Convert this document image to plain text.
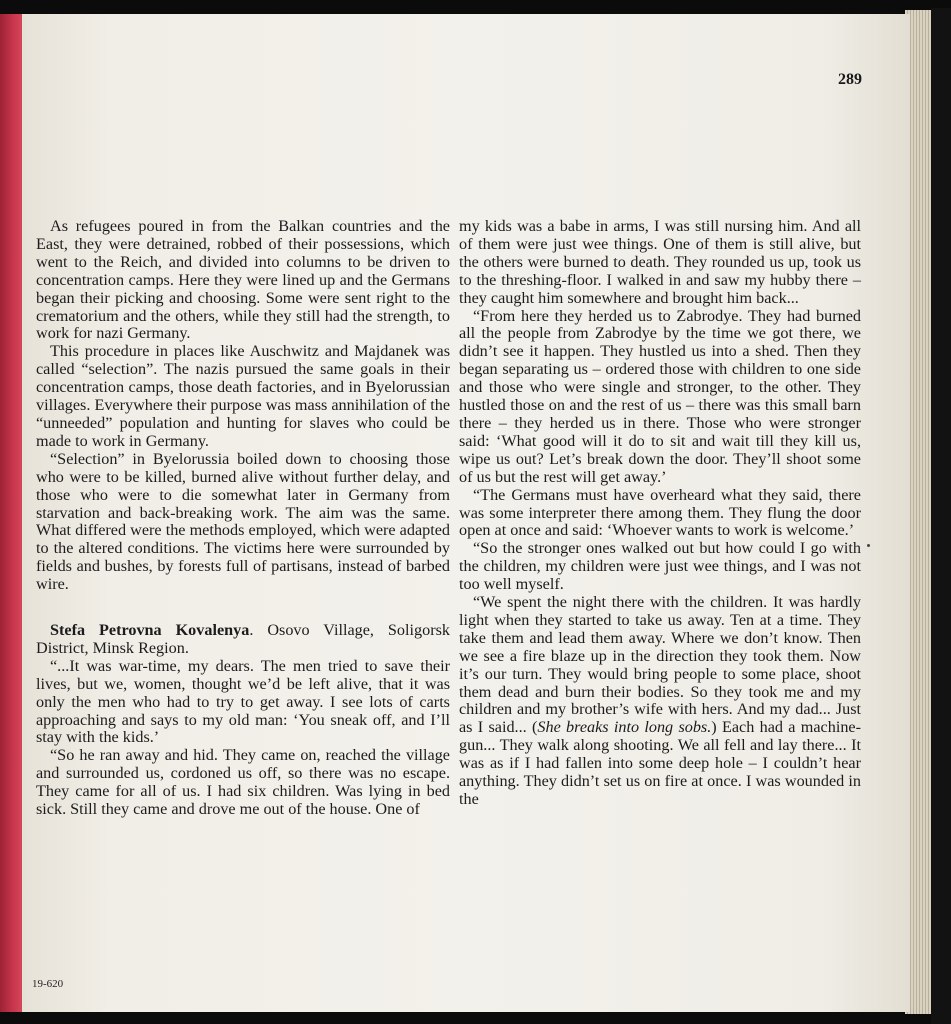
289

As refugees poured in from the Balkan countries and the East, they were detrained, robbed of their possessions, which went to the Reich, and divided into columns to be driven to concentration camps. Here they were lined up and the Germans began their picking and choosing. Some were sent right to the crematorium and the others, while they still had the strength, to work for nazi Germany.

This procedure in places like Auschwitz and Majdanek was called “selection”. The nazis pursued the same goals in their concentration camps, those death factories, and in Byelorussian villages. Everywhere their purpose was mass annihilation of the “unneeded” population and hunting for slaves who could be made to work in Germany.

“Selection” in Byelorussia boiled down to choosing those who were to be killed, burned alive without further delay, and those who were to die somewhat later in Germany from starvation and back-breaking work. The aim was the same. What differed were the methods employed, which were adapted to the altered conditions. The victims here were surrounded by fields and bushes, by forests full of partisans, instead of barbed wire.

Stefa Petrovna Kovalenya. Osovo Village, Soligorsk District, Minsk Region.

“...It was war-time, my dears. The men tried to save their lives, but we, women, thought we’d be left alive, that it was only the men who had to try to get away. I see lots of carts approaching and says to my old man: ‘You sneak off, and I’ll stay with the kids.’

“So he ran away and hid. They came on, reached the village and surrounded us, cordoned us off, so there was no escape. They came for all of us. I had six children. Was lying in bed sick. Still they came and drove me out of the house. One of

my kids was a babe in arms, I was still nursing him. And all of them were just wee things. One of them is still alive, but the others were burned to death. They rounded us up, took us to the threshing-floor. I walked in and saw my hubby there – they caught him somewhere and brought him back...

“From here they herded us to Zabrodye. They had burned all the people from Zabrodye by the time we got there, we didn’t see it happen. They hustled us into a shed. Then they began separating us – ordered those with children to one side and those who were single and stronger, to the other. They hustled those on and the rest of us – there was this small barn there – they herded us in there. Those who were stronger said: ‘What good will it do to sit and wait till they kill us, wipe us out? Let’s break down the door. They’ll shoot some of us but the rest will get away.’

“The Germans must have overheard what they said, there was some interpreter there among them. They flung the door open at once and said: ‘Whoever wants to work is welcome.’

“So the stronger ones walked out but how could I go with the children, my children were just wee things, and I was not too well myself.

“We spent the night there with the children. It was hardly light when they started to take us away. Ten at a time. They take them and lead them away. Where we don’t know. Then we see a fire blaze up in the direction they took them. Now it’s our turn. They would bring people to some place, shoot them dead and burn their bodies. So they took me and my children and my brother’s wife with hers. And my dad... Just as I said... (She breaks into long sobs.) Each had a machine-gun... They walk along shooting. We all fell and lay there... It was as if I had fallen into some deep hole – I couldn’t hear anything. They didn’t set us on fire at once. I was wounded in the

19-620
